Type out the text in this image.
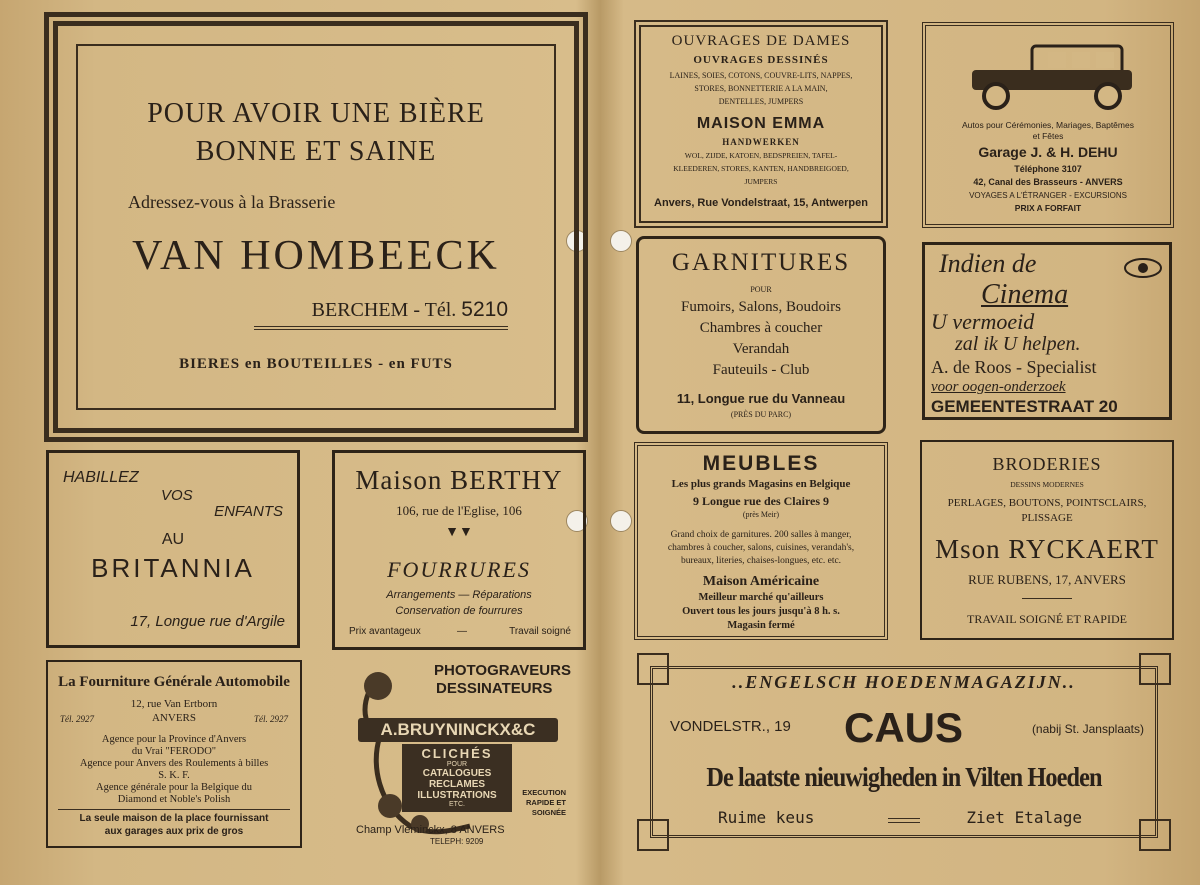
POUR AVOIR UNE BIÈRE
BONNE ET SAINE
Adressez-vous à la Brasserie
VAN HOMBEECK
BERCHEM - Tél. 5210
BIERES en BOUTEILLES - en FUTS
HABILLEZ
VOS
ENFANTS
AU
BRITANNIA
17, Longue rue d'Argile
Maison BERTHY
106, rue de l'Eglise, 106
▼▼
FOURRURES
Arrangements — Réparations
Conservation de fourrures
Prix avantageux	—	Travail soigné
La Fourniture Générale Automobile
12, rue Van Ertborn
Tél. 2927	ANVERS	Tél. 2927
Agence pour la Province d'Anvers
du Vrai "FERODO"
Agence pour Anvers des Roulements à billes
S. K. F.
Agence générale pour la Belgique du
Diamond et Noble's Polish
La seule maison de la place fournissant
aux garages aux prix de gros
PHOTOGRAVEURS
DESSINATEURS
A.BRUYNINCKX&C
CLICHÉS
POUR
CATALOGUES
RECLAMES
ILLUSTRATIONS
ETC.
EXECUTION
RAPIDE ET
SOIGNÉE
Champ Vleminckx, 8 ANVERS
TELEPH: 9209
OUVRAGES DE DAMES
OUVRAGES DESSINÉS
LAINES, SOIES, COTONS, COUVRE-LITS, NAPPES,
STORES, BONNETTERIE A LA MAIN,
DENTELLES, JUMPERS
MAISON EMMA
HANDWERKEN
WOL, ZIJDE, KATOEN, BEDSPREIEN, TAFEL-
KLEEDEREN, STORES, KANTEN, HANDBREIGOED,
JUMPERS
Anvers, Rue Vondelstraat, 15, Antwerpen
Autos pour Cérémonies, Mariages, Baptêmes
et Fêtes
Garage J. & H. DEHU
Téléphone 3107
42, Canal des Brasseurs - ANVERS
VOYAGES A L'ÉTRANGER - EXCURSIONS
PRIX A FORFAIT
GARNITURES
POUR
Fumoirs, Salons, Boudoirs
Chambres à coucher
Verandah
Fauteuils - Club
11, Longue rue du Vanneau
(PRÈS DU PARC)
Indien de
Cinema
U vermoeid
zal ik U helpen.
A. de Roos - Specialist
voor oogen-onderzoek
GEMEENTESTRAAT 20
MEUBLES
Les plus grands Magasins en Belgique
9 Longue rue des Claires 9
(près Meir)
Grand choix de garnitures. 200 salles à manger,
chambres à coucher, salons, cuisines, verandah's,
bureaux, literies, chaises-longues, etc. etc.
Maison Américaine
Meilleur marché qu'ailleurs
Ouvert tous les jours jusqu'à 8 h. s.
Magasin fermé
BRODERIES
DESSINS MODERNES
PERLAGES, BOUTONS, POINTSCLAIRS,
PLISSAGE
Mson RYCKAERT
RUE RUBENS, 17, ANVERS
TRAVAIL SOIGNÉ ET RAPIDE
..ENGELSCH HOEDENMAGAZIJN..
VONDELSTR., 19 CAUS	(nabij St. Jansplaats)
De laatste nieuwigheden in Vilten Hoeden
Ruime keus	Ziet Etalage
